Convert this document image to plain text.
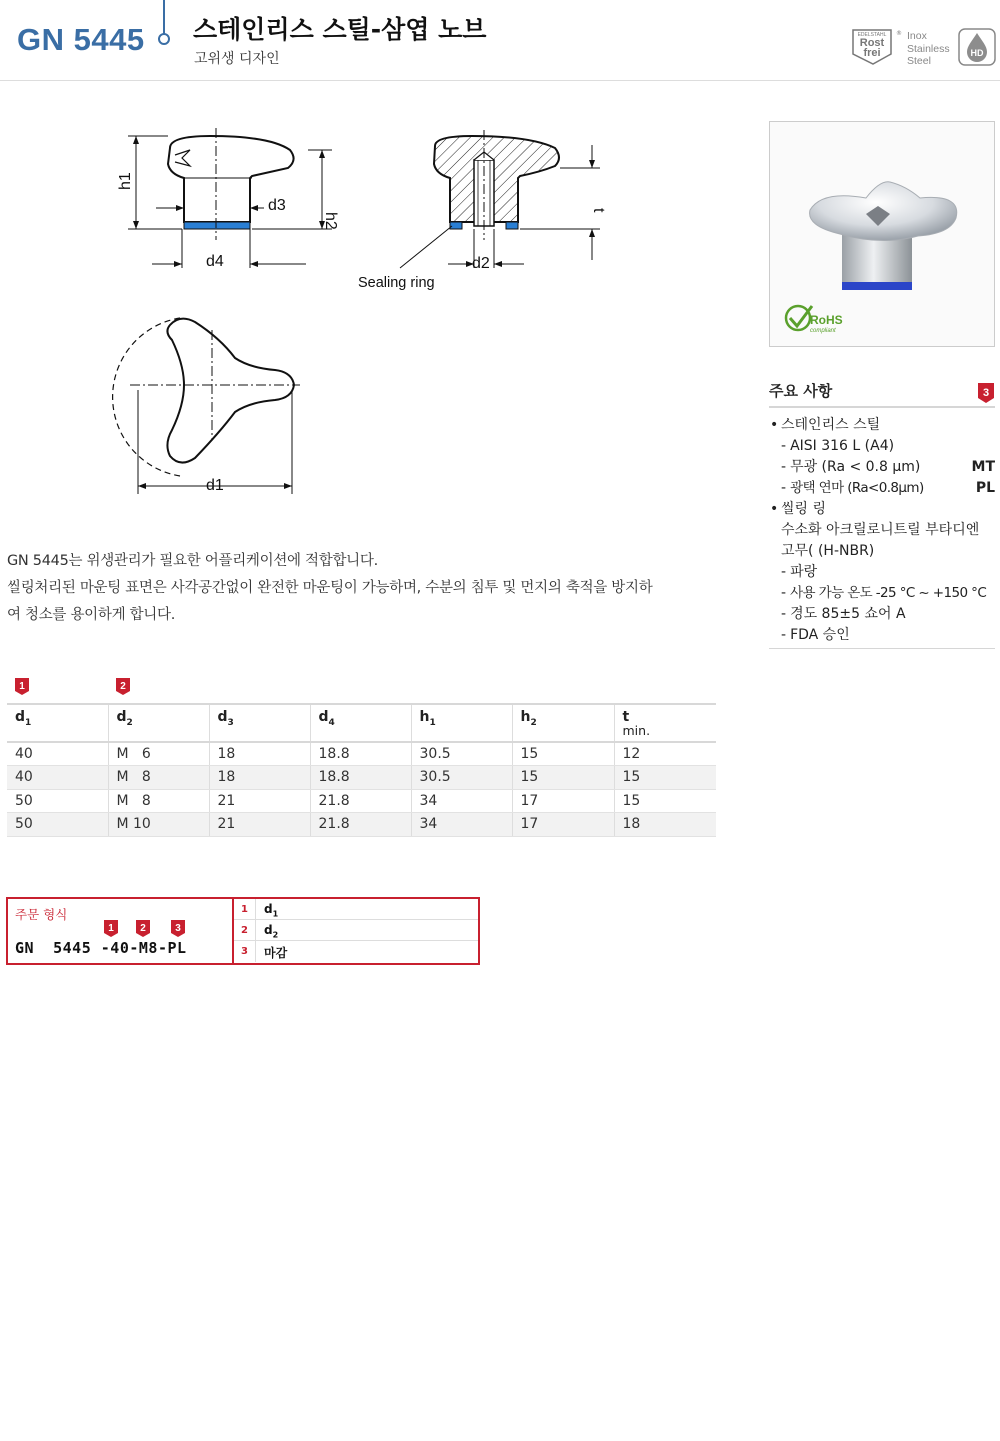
GN 5445 스테인리스 스틸-삼엽 노브
고위생 디자인
EDELSTAHL
Rost
frei
® Inox
Stainless
Steel
HD
h1
d3
h2
d4
t
d2
Sealing ring
d1
RoHS
compliant
주요 사항	3
• 스테인리스 스틸
- AISI 316 L (A4)
- 무광 (Ra < 0.8 µm)	MT
- 광택 연마 (Ra<0.8µm)	PL
• 씰링 링
수소화 아크릴로니트릴 부타디엔 고무( (H-NBR)
- 파랑
- 사용 가능 온도 -25 °C ~ +150 °C
- 경도 85±5 쇼어 A
- FDA 승인
GN 5445는 위생관리가 필요한 어플리케이션에 적합합니다.
씰링처리된 마운팅 표면은 사각공간없이 완전한 마운팅이 가능하며, 수분의 침투 및 먼지의 축적을 방지하
여 청소를 용이하게 합니다.
1	2
$d_1$	$d_2$	$d_3$	$d_4$	$h_1$	$h_2$	t
min.

40	M   6	18	18.8	30.5	15	12
40	M   8	18	18.8	30.5	15	15
50	M   8	21	21.8	34	17	15
50	M 10	21	21.8	34	17	18
주문 형식
1	2	3
GN  5445 -40-M8-PL
1	$d_1$
2	$d_2$
3	마감
